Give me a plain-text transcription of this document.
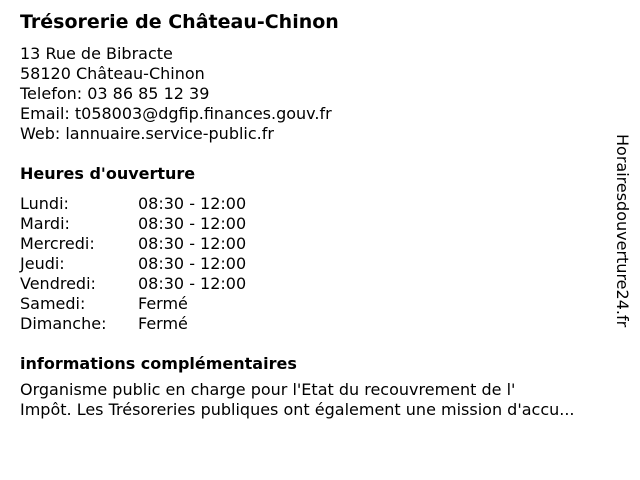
Trésorerie de Château-Chinon
13 Rue de Bibracte
58120 Château-Chinon
Telefon: 03 86 85 12 39
Email: t058003@dgfip.finances.gouv.fr
Web: lannuaire.service-public.fr
Heures d'ouverture
Lundi:	08:30 - 12:00
Mardi:	08:30 - 12:00
Mercredi:	08:30 - 12:00
Jeudi:	08:30 - 12:00
Vendredi:	08:30 - 12:00
Samedi:	Fermé
Dimanche:	Fermé
informations complémentaires
Organisme public en charge pour l'Etat du recouvrement de l'
Impôt. Les Trésoreries publiques ont également une mission d'accu...
Horairesdouverture24.fr
